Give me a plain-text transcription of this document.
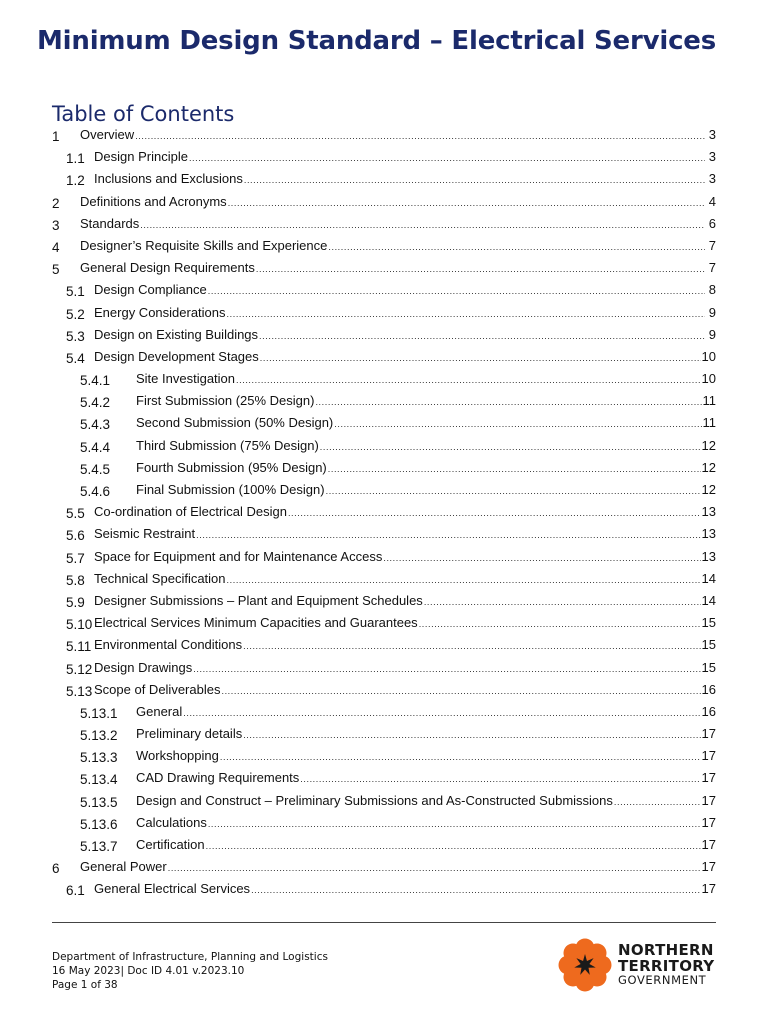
Minimum Design Standard – Electrical Services
Table of Contents
1 Overview .....	3
1.1 Design Principle .....	3
1.2 Inclusions and Exclusions .....	3
2 Definitions and Acronyms .....	4
3 Standards .....	6
4 Designer’s Requisite Skills and Experience .....	7
5 General Design Requirements .....	7
5.1 Design Compliance .....	8
5.2 Energy Considerations .....	9
5.3 Design on Existing Buildings .....	9
5.4 Design Development Stages .....	10
5.4.1 Site Investigation .....	10
5.4.2 First Submission (25% Design) .....	11
5.4.3 Second Submission (50% Design) .....	11
5.4.4 Third Submission (75% Design) .....	12
5.4.5 Fourth Submission (95% Design) .....	12
5.4.6 Final Submission (100% Design) .....	12
5.5 Co-ordination of Electrical Design .....	13
5.6 Seismic Restraint .....	13
5.7 Space for Equipment and for Maintenance Access .....	13
5.8 Technical Specification .....	14
5.9 Designer Submissions – Plant and Equipment Schedules .....	14
5.10 Electrical Services Minimum Capacities and Guarantees .....	15
5.11 Environmental Conditions .....	15
5.12 Design Drawings .....	15
5.13 Scope of Deliverables .....	16
5.13.1 General .....	16
5.13.2 Preliminary details .....	17
5.13.3 Workshopping .....	17
5.13.4 CAD Drawing Requirements .....	17
5.13.5 Design and Construct – Preliminary Submissions and As-Constructed Submissions .....	17
5.13.6 Calculations .....	17
5.13.7 Certification .....	17
6 General Power .....	17
6.1 General Electrical Services .....	17
Department of Infrastructure, Planning and Logistics
16 May 2023| Doc ID 4.01 v.2023.10
Page 1 of 38
NORTHERN
TERRITORY
GOVERNMENT
